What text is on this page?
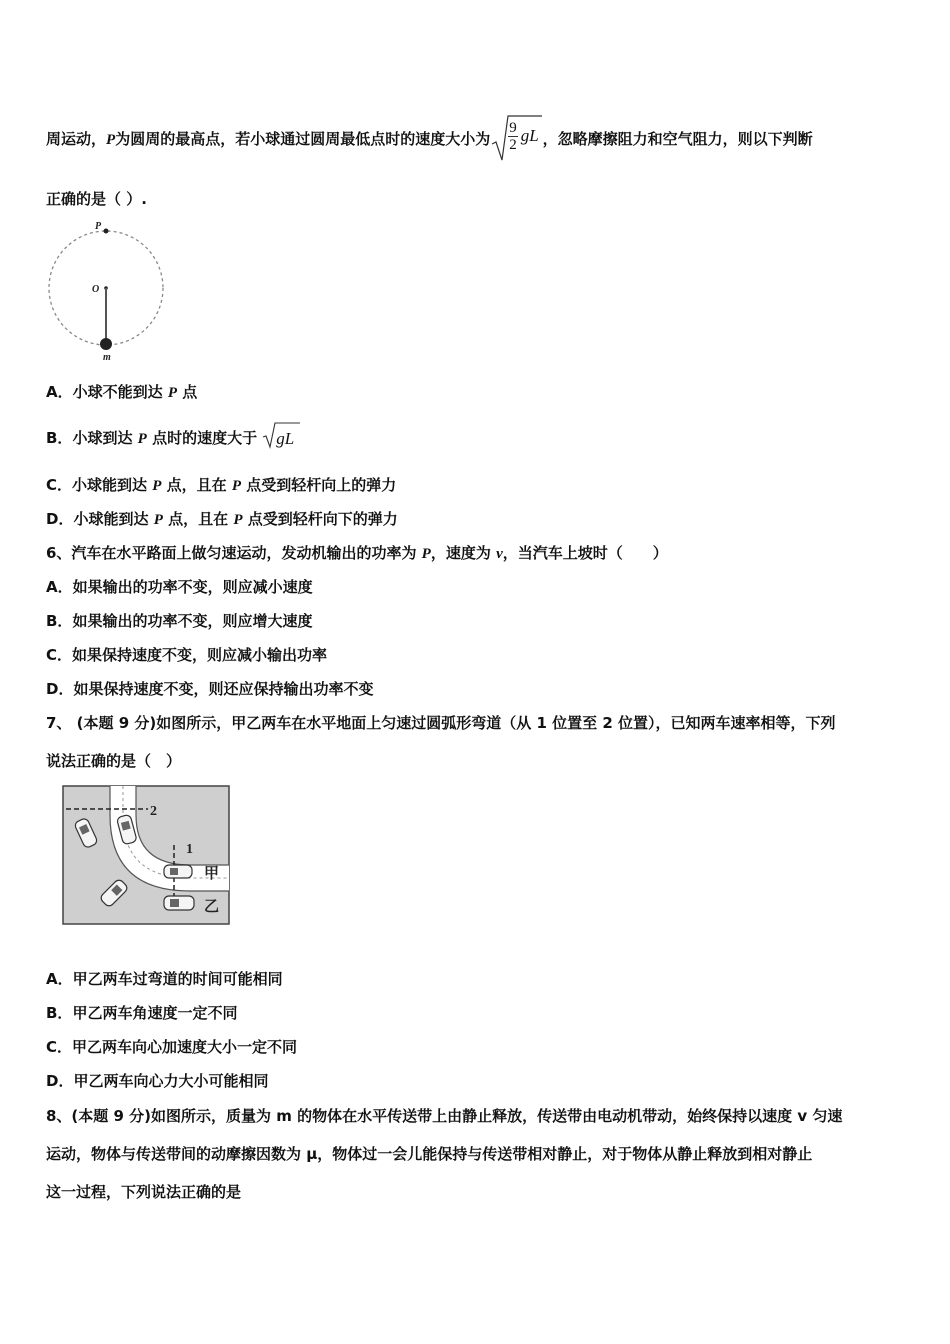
周运动，P为圆周的最高点，若小球通过圆周最低点时的速度大小为 $\frac{9}{2}$ gL ，忽略摩擦阻力和空气阻力，则以下判断
正确的是（ ）.
P
O
m
A．小球不能到达 P 点
B．小球到达 P 点时的速度大于
gL
C．小球能到达 P 点，且在 P 点受到轻杆向上的弹力
D．小球能到达 P 点，且在 P 点受到轻杆向下的弹力
6、汽车在水平路面上做匀速运动，发动机输出的功率为 P，速度为 v，当汽车上坡时（　　）
A．如果输出的功率不变，则应减小速度
B．如果输出的功率不变，则应增大速度
C．如果保持速度不变，则应减小输出功率
D．如果保持速度不变，则还应保持输出功率不变
7、 (本题 9 分)如图所示，甲乙两车在水平地面上匀速过圆弧形弯道（从 1 位置至 2 位置），已知两车速率相等，下列
说法正确的是（　）
2
1
甲
乙
A．甲乙两车过弯道的时间可能相同
B．甲乙两车角速度一定不同
C．甲乙两车向心加速度大小一定不同
D．甲乙两车向心力大小可能相同
8、(本题 9 分)如图所示，质量为 m 的物体在水平传送带上由静止释放，传送带由电动机带动，始终保持以速度 v 匀速
运动，物体与传送带间的动摩擦因数为 μ，物体过一会儿能保持与传送带相对静止，对于物体从静止释放到相对静止
这一过程，下列说法正确的是
